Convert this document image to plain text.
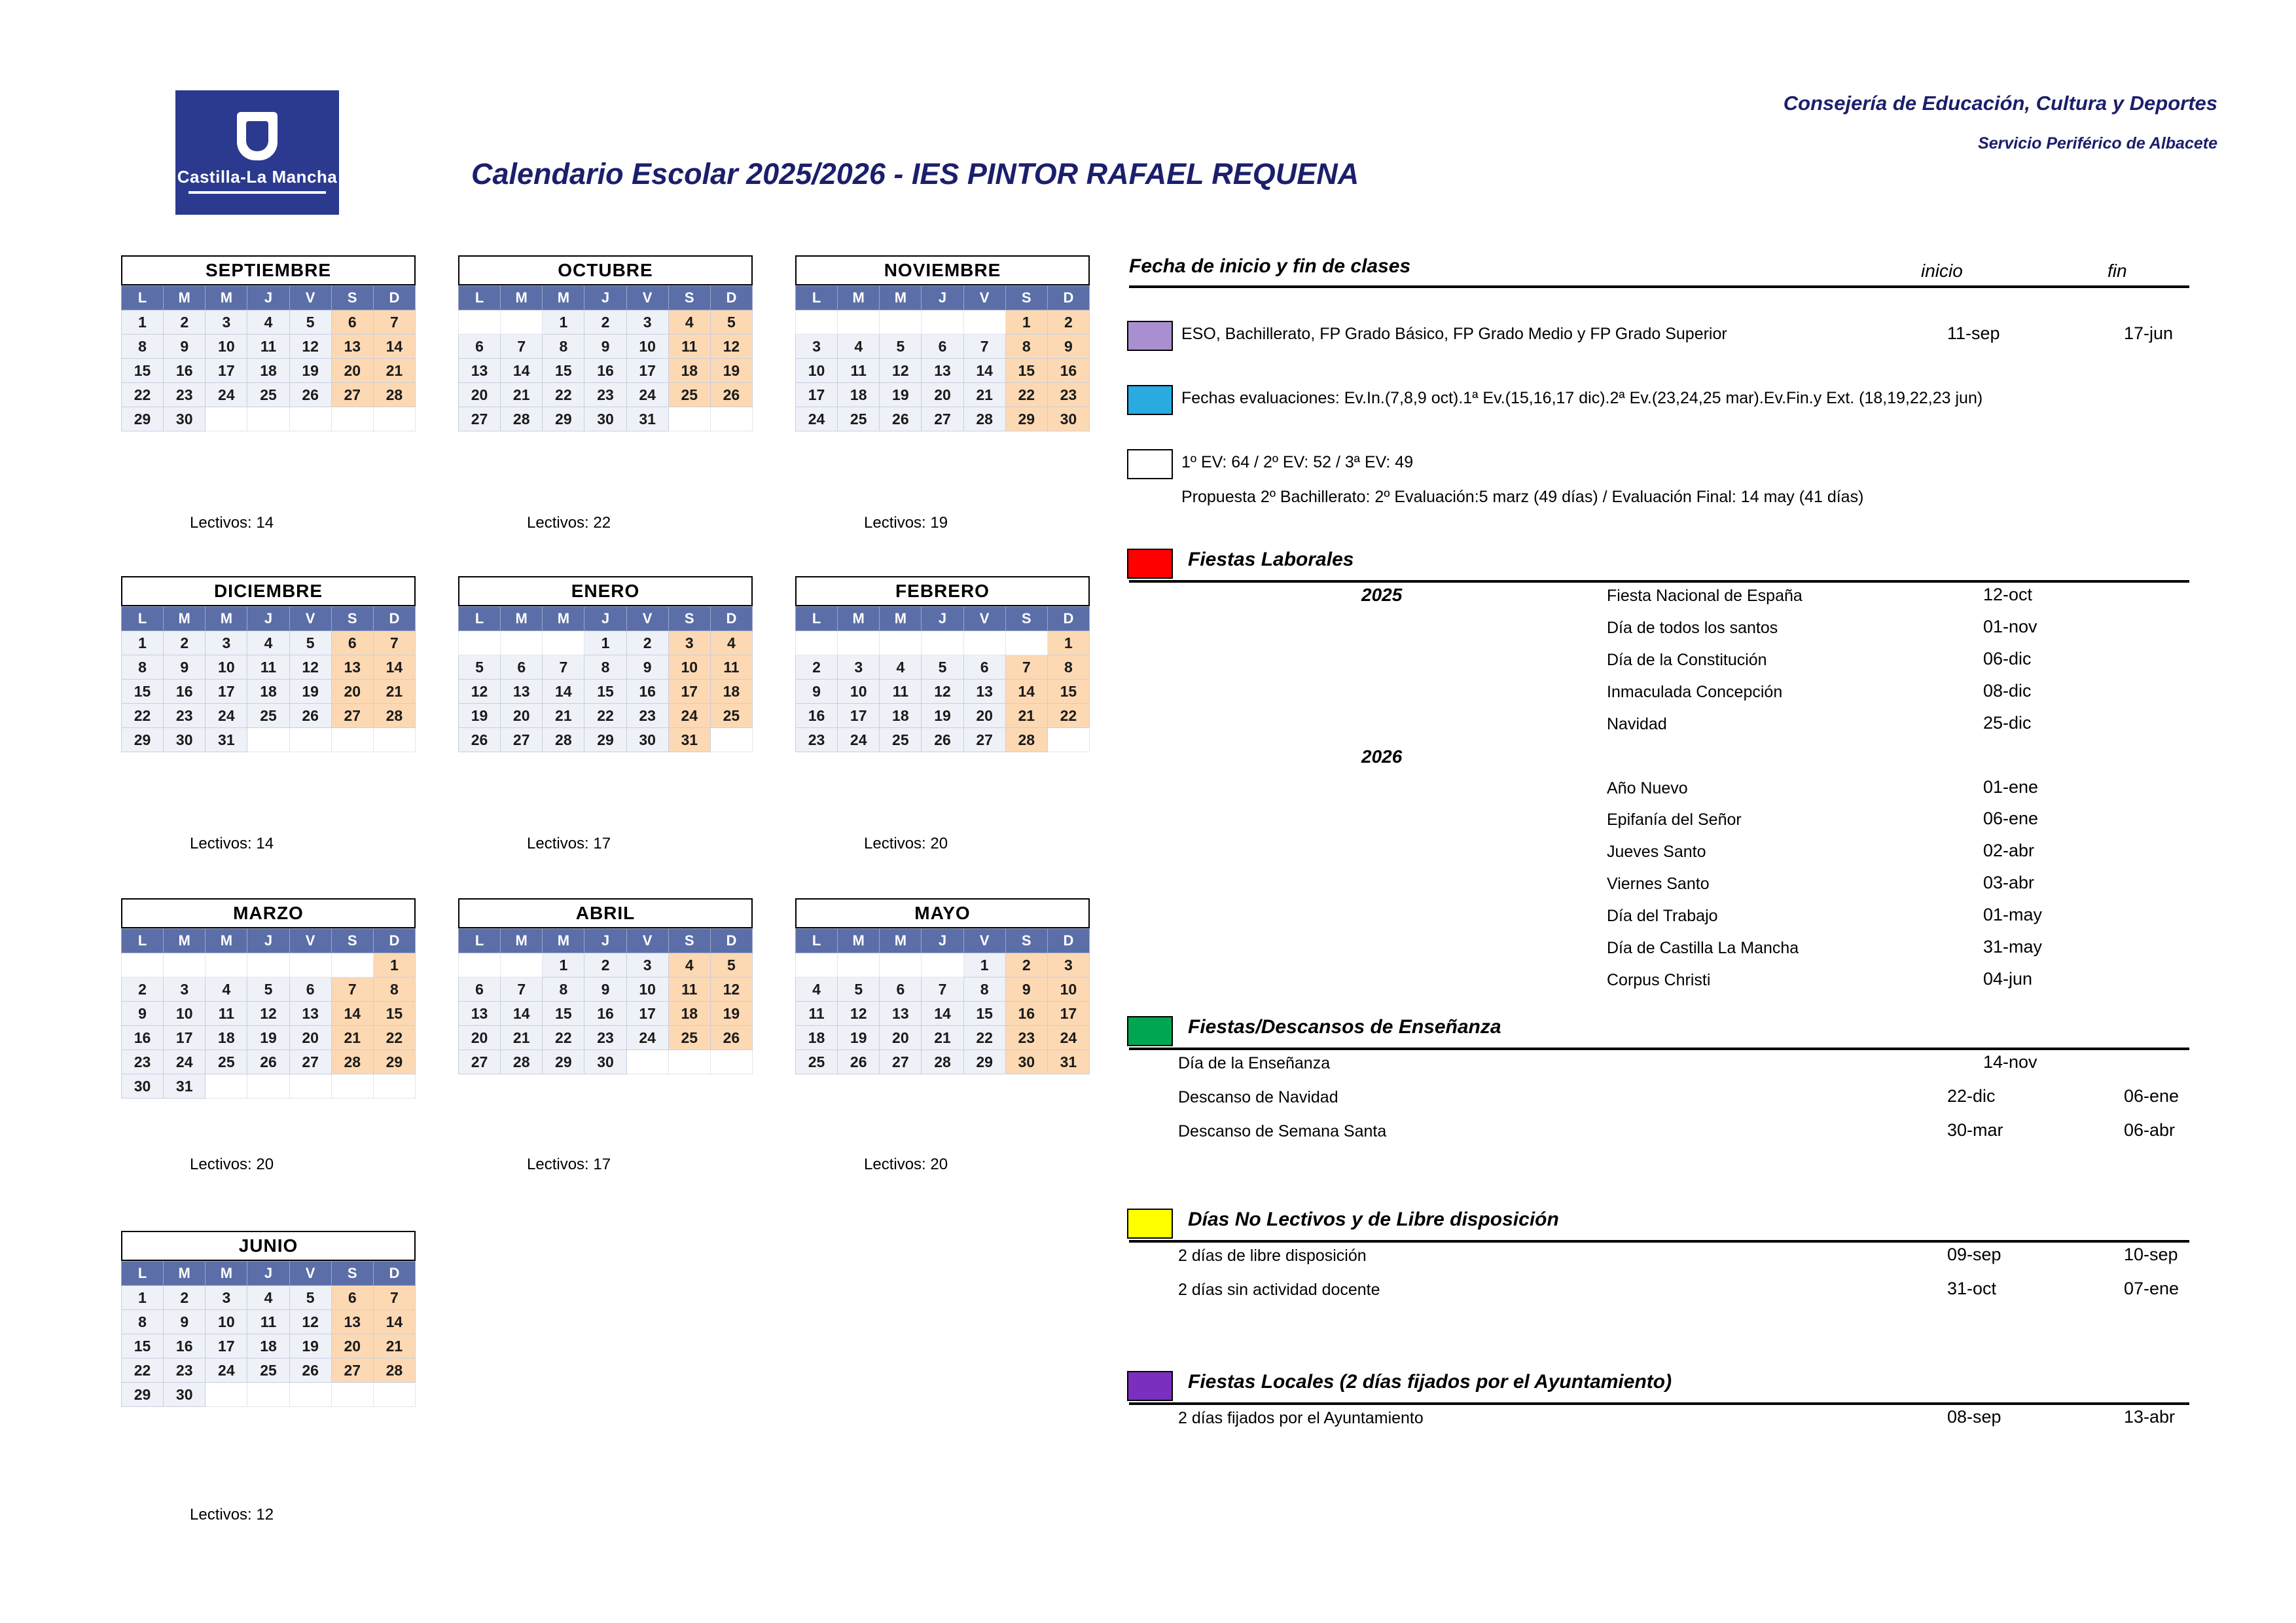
Castilla-La Mancha	Calendario Escolar 2025/2026 - IES PINTOR RAFAEL REQUENA
Consejería de Educación, Cultura y Deportes
Servicio Periférico de Albacete
SEPTIEMBRE
L	M	M	J	V	S	D
1	2	3	4	5	6	7
8	9	10	11	12	13	14
15	16	17	18	19	20	21
22	23	24	25	26	27	28
29	30					
Lectivos: 14
OCTUBRE
L	M	M	J	V	S	D
		1	2	3	4	5
6	7	8	9	10	11	12
13	14	15	16	17	18	19
20	21	22	23	24	25	26
27	28	29	30	31		
Lectivos: 22
NOVIEMBRE
L	M	M	J	V	S	D
					1	2
3	4	5	6	7	8	9
10	11	12	13	14	15	16
17	18	19	20	21	22	23
24	25	26	27	28	29	30
Lectivos: 19
DICIEMBRE
L	M	M	J	V	S	D
1	2	3	4	5	6	7
8	9	10	11	12	13	14
15	16	17	18	19	20	21
22	23	24	25	26	27	28
29	30	31				
Lectivos: 14
ENERO
L	M	M	J	V	S	D
			1	2	3	4
5	6	7	8	9	10	11
12	13	14	15	16	17	18
19	20	21	22	23	24	25
26	27	28	29	30	31	
Lectivos: 17
FEBRERO
L	M	M	J	V	S	D
						1
2	3	4	5	6	7	8
9	10	11	12	13	14	15
16	17	18	19	20	21	22
23	24	25	26	27	28	
Lectivos: 20
MARZO
L	M	M	J	V	S	D
						1
2	3	4	5	6	7	8
9	10	11	12	13	14	15
16	17	18	19	20	21	22
23	24	25	26	27	28	29
30	31					
Lectivos: 20
ABRIL
L	M	M	J	V	S	D
		1	2	3	4	5
6	7	8	9	10	11	12
13	14	15	16	17	18	19
20	21	22	23	24	25	26
27	28	29	30			
Lectivos: 17
MAYO
L	M	M	J	V	S	D
				1	2	3
4	5	6	7	8	9	10
11	12	13	14	15	16	17
18	19	20	21	22	23	24
25	26	27	28	29	30	31
Lectivos: 20
JUNIO
L	M	M	J	V	S	D
1	2	3	4	5	6	7
8	9	10	11	12	13	14
15	16	17	18	19	20	21
22	23	24	25	26	27	28
29	30					
Lectivos: 12
Fecha de inicio y fin de clases	inicio	fin
ESO, Bachillerato, FP Grado Básico, FP Grado Medio y FP Grado Superior	11-sep	17-jun
Fechas evaluaciones: Ev.In.(7,8,9 oct).1ª Ev.(15,16,17 dic).2ª Ev.(23,24,25 mar).Ev.Fin.y Ext. (18,19,22,23 jun)
1º EV: 64 / 2º EV: 52 / 3ª EV: 49
Propuesta 2º Bachillerato: 2º Evaluación:5 marz (49 días) / Evaluación Final: 14 may (41 días)
Fiestas Laborales
2025	Fiesta Nacional de España	12-oct
Día de todos los santos	01-nov
Día de la Constitución	06-dic
Inmaculada Concepción	08-dic
Navidad	25-dic
2026
Año Nuevo	01-ene
Epifanía del Señor	06-ene
Jueves Santo	02-abr
Viernes Santo	03-abr
Día del Trabajo	01-may
Día de Castilla La Mancha	31-may
Corpus Christi	04-jun
Fiestas/Descansos de Enseñanza
Día de la Enseñanza	14-nov
Descanso de Navidad	22-dic	06-ene
Descanso de Semana Santa	30-mar	06-abr
Días No Lectivos y de Libre disposición
2 días de libre disposición	09-sep	10-sep
2 días sin actividad docente	31-oct	07-ene
Fiestas Locales (2 días fijados por el Ayuntamiento)
2 días fijados por el Ayuntamiento	08-sep	13-abr
